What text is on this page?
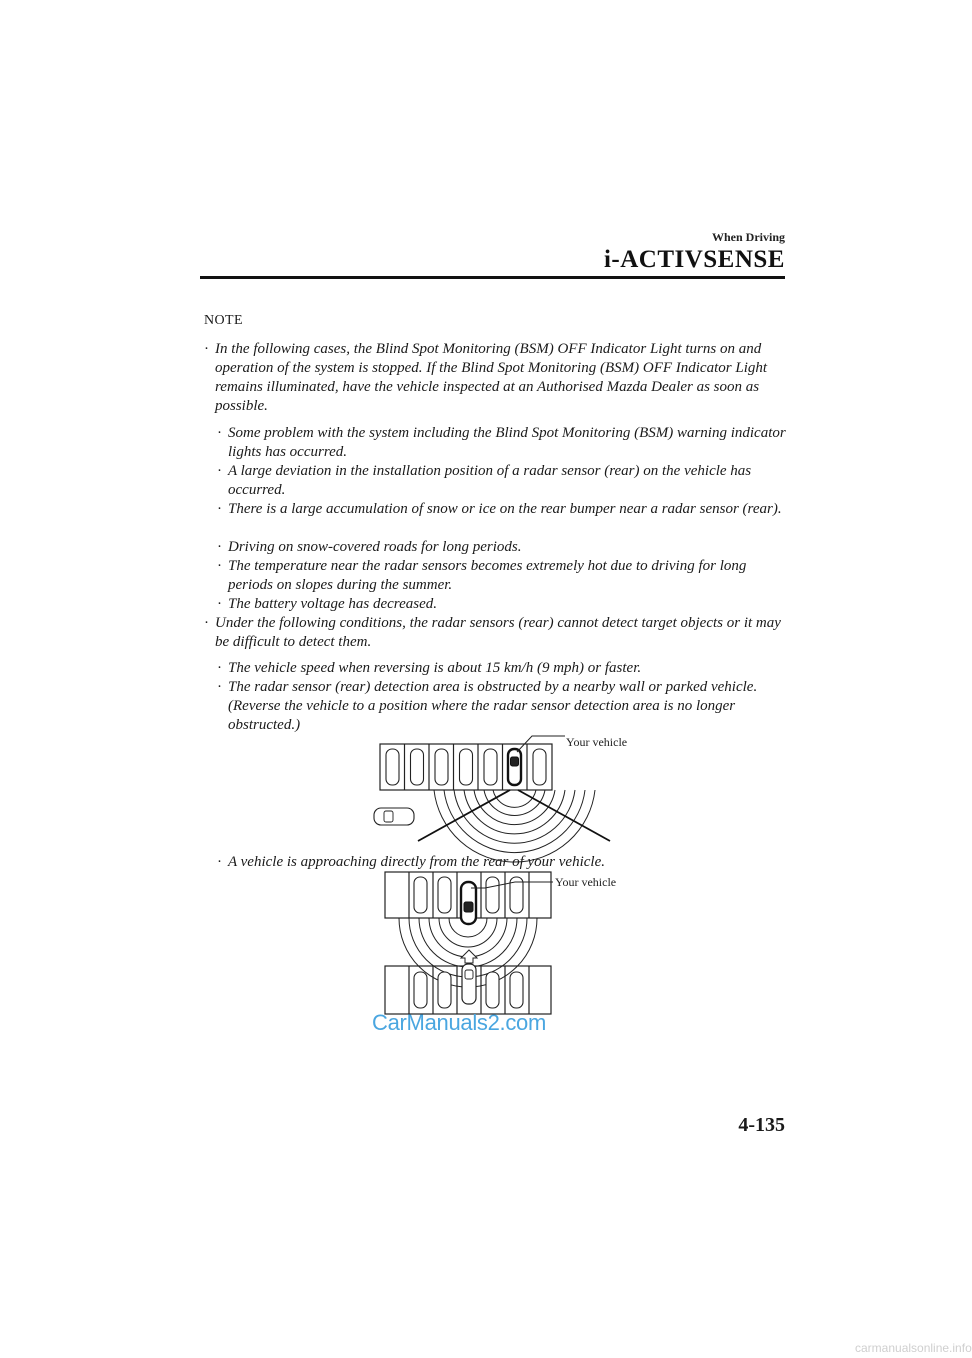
When Driving
i-ACTIVSENSE
NOTE
· In the following cases, the Blind Spot Monitoring (BSM) OFF Indicator Light turns on and operation of the system is stopped. If the Blind Spot Monitoring (BSM) OFF Indicator Light remains illuminated, have the vehicle inspected at an Authorised Mazda Dealer as soon as possible.
· Some problem with the system including the Blind Spot Monitoring (BSM) warning indicator lights has occurred.
· A large deviation in the installation position of a radar sensor (rear) on the vehicle has occurred.
· There is a large accumulation of snow or ice on the rear bumper near a radar sensor (rear).
· Driving on snow-covered roads for long periods.
· The temperature near the radar sensors becomes extremely hot due to driving for long periods on slopes during the summer.
· The battery voltage has decreased.
· Under the following conditions, the radar sensors (rear) cannot detect target objects or it may be difficult to detect them.
· The vehicle speed when reversing is about 15 km/h (9 mph) or faster.
· The radar sensor (rear) detection area is obstructed by a nearby wall or parked vehicle. (Reverse the vehicle to a position where the radar sensor detection area is no longer obstructed.)
Your vehicle
· A vehicle is approaching directly from the rear of your vehicle.
Your vehicle
CarManuals2.com
4-135
carmanualsonline.info
